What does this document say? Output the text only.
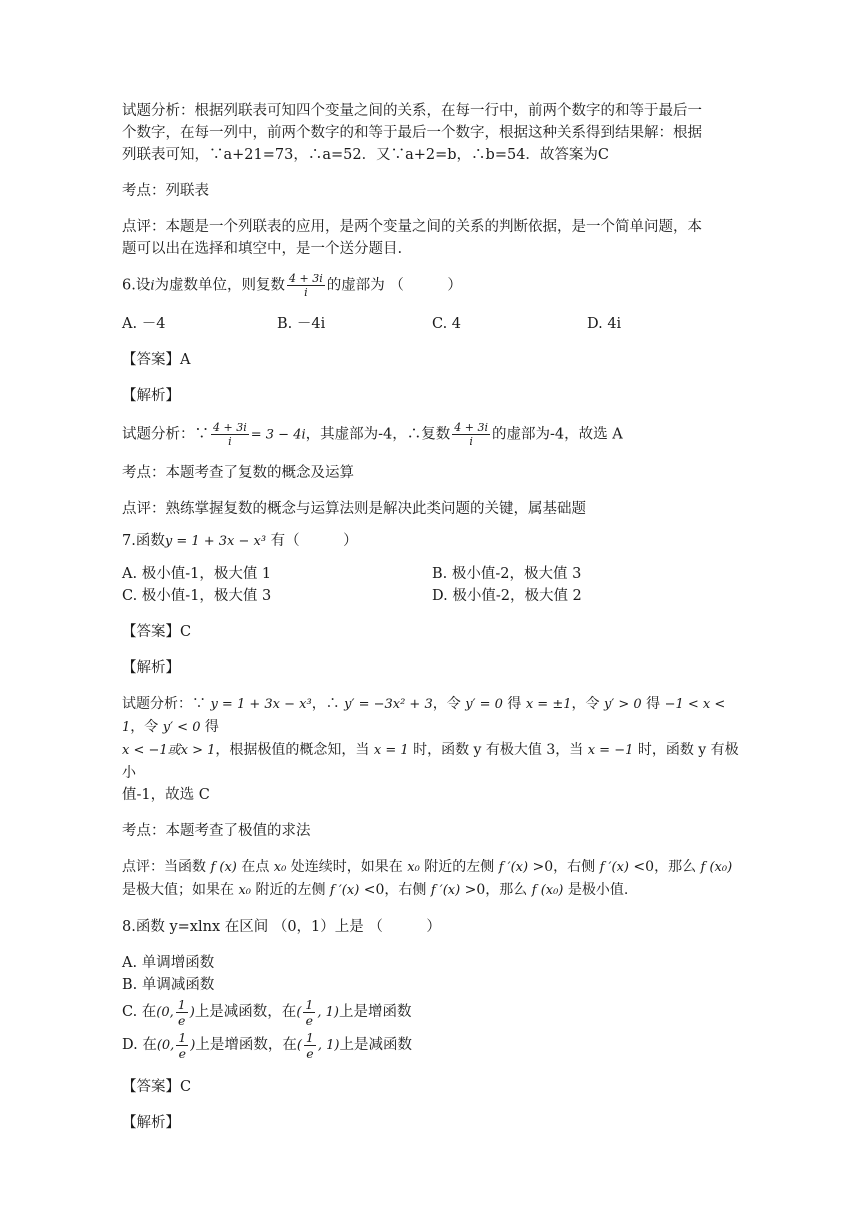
试题分析：根据列联表可知四个变量之间的关系，在每一行中，前两个数字的和等于最后一

个数字，在每一列中，前两个数字的和等于最后一个数字，根据这种关系得到结果解：根据

列联表可知，∵a+21=73，∴a=52．又∵a+2=b，∴b=54．故答案为C

考点：列联表

点评：本题是一个列联表的应用，是两个变量之间的关系的判断依据，是一个简单问题，本

题可以出在选择和填空中，是一个送分题目.

6.设i为虚数单位，则复数 $\frac{4 + 3i}{i}$ 的虚部为 （　　　）

A. －4	B. －4i	C. 4	D. 4i

【答案】A

【解析】

试题分析：∵ $\frac{4 + 3i}{i} = 3 - 4i$，其虚部为-4，∴复数 $\frac{4 + 3i}{i}$ 的虚部为-4，故选 A

考点：本题考查了复数的概念及运算

点评：熟练掌握复数的概念与运算法则是解决此类问题的关键，属基础题

7.函数y = 1 + 3x − x³ 有（　　　）

A. 极小值-1，极大值 1	B. 极小值-2，极大值 3
C. 极小值-1，极大值 3	D. 极小值-2，极大值 2

【答案】C

【解析】

试题分析：∵ y = 1 + 3x − x³，∴ y′ = −3x² + 3，令 y′ = 0 得 x = ±1，令 y′ > 0 得 −1 < x < 1，令 y′ < 0 得

x < −1或x > 1，根据极值的概念知，当 x = 1 时，函数 y 有极大值 3，当 x = −1 时，函数 y 有极小

值-1，故选 C

考点：本题考查了极值的求法

点评：当函数 f (x) 在点 x₀ 处连续时，如果在 x₀ 附近的左侧 f ′(x) >0，右侧 f ′(x) <0，那么 f (x₀)

是极大值；如果在 x₀ 附近的左侧 f ′(x) <0，右侧 f ′(x) >0，那么 f (x₀) 是极小值.

8.函数 y=xlnx 在区间 （0，1）上是 （　　　）

A. 单调增函数

B. 单调减函数

C. 在(0, $\frac{1}{e}$ )上是减函数，在( $\frac{1}{e}$ , 1)上是增函数

D. 在(0, $\frac{1}{e}$ )上是增函数，在( $\frac{1}{e}$ , 1)上是减函数

【答案】C

【解析】
